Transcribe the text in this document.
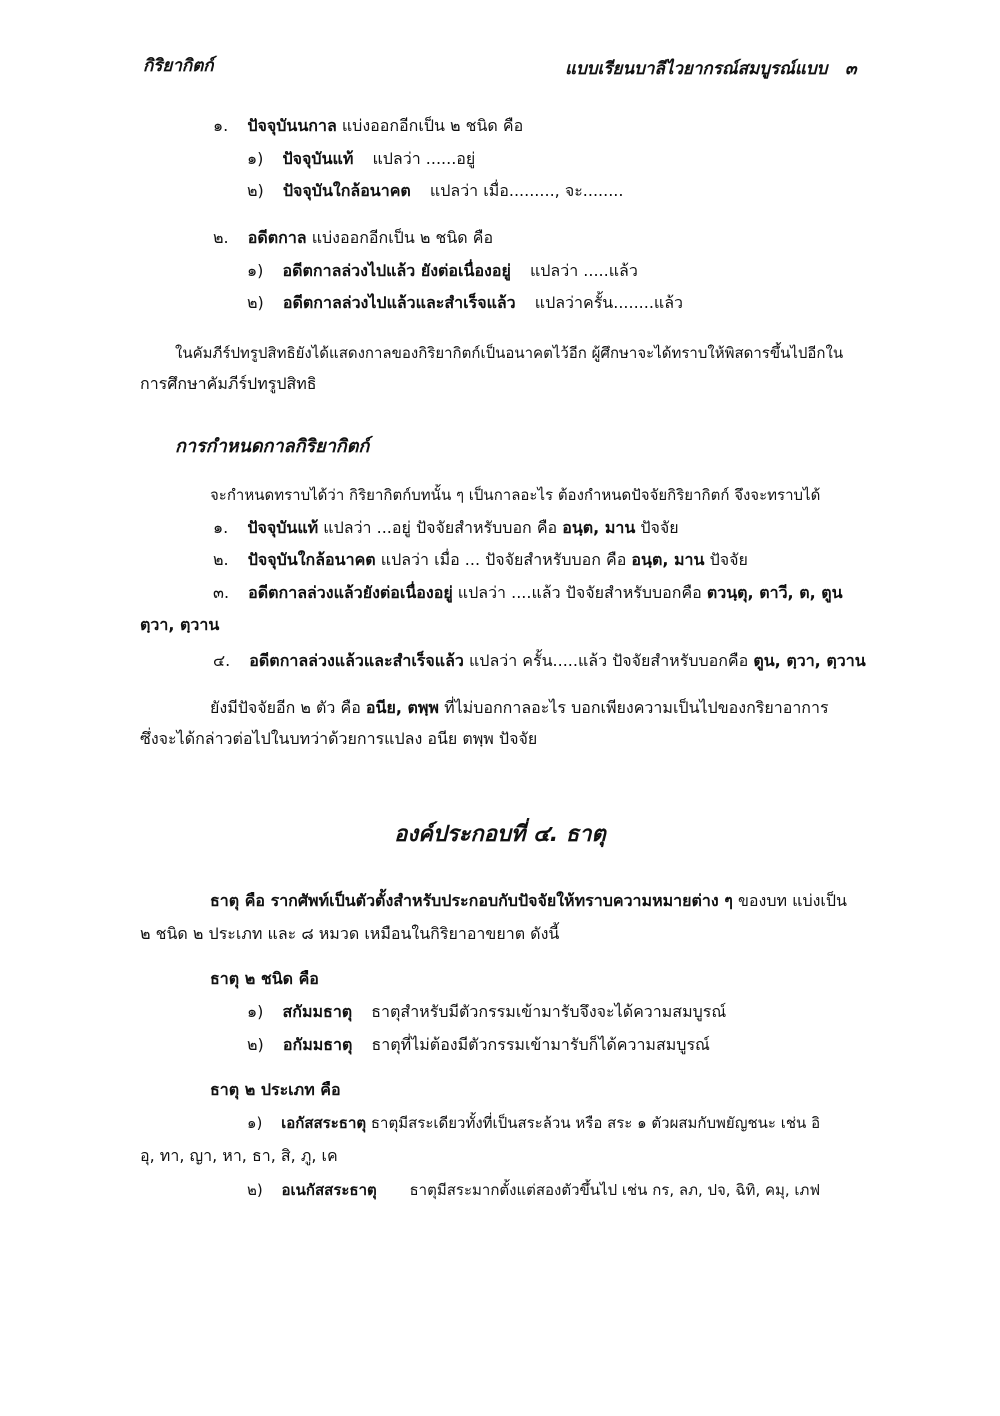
กิริยากิตก์	แบบเรียนบาลีไวยากรณ์สมบูรณ์แบบ ๓
๑. ปัจจุบันนกาล แบ่งออกอีกเป็น ๒ ชนิด คือ
๑) ปัจจุบันแท้ แปลว่า ......อยู่
๒) ปัจจุบันใกล้อนาคต แปลว่า เมื่อ........., จะ........
๒. อดีตกาล แบ่งออกอีกเป็น ๒ ชนิด คือ
๑) อดีตกาลล่วงไปแล้ว ยังต่อเนื่องอยู่ แปลว่า .....แล้ว
๒) อดีตกาลล่วงไปแล้วและสำเร็จแล้ว แปลว่าครั้น........แล้ว
ในคัมภีร์ปทรูปสิทธิยังได้แสดงกาลของกิริยากิตก์เป็นอนาคตไว้อีก ผู้ศึกษาจะได้ทราบให้พิสดารขึ้นไปอีกใน
การศึกษาคัมภีร์ปทรูปสิทธิ
การกำหนดกาลกิริยากิตก์
จะกำหนดทราบได้ว่า กิริยากิตก์บทนั้น ๆ เป็นกาลอะไร ต้องกำหนดปัจจัยกิริยากิตก์ จึงจะทราบได้
๑. ปัจจุบันแท้ แปลว่า ...อยู่ ปัจจัยสำหรับบอก คือ อนฺต, มาน ปัจจัย
๒. ปัจจุบันใกล้อนาคต แปลว่า เมื่อ ... ปัจจัยสำหรับบอก คือ อนฺต, มาน ปัจจัย
๓. อดีตกาลล่วงแล้วยังต่อเนื่องอยู่ แปลว่า ....แล้ว ปัจจัยสำหรับบอกคือ ตวนฺตุ, ตาวี, ต, ตูน
ตฺวา, ตฺวาน
๔. อดีตกาลล่วงแล้วและสำเร็จแล้ว แปลว่า ครั้น.....แล้ว ปัจจัยสำหรับบอกคือ ตูน, ตฺวา, ตฺวาน
ยังมีปัจจัยอีก ๒ ตัว คือ อนีย, ตพฺพ ที่ไม่บอกกาลอะไร บอกเพียงความเป็นไปของกริยาอาการ
ซึ่งจะได้กล่าวต่อไปในบทว่าด้วยการแปลง อนีย ตพฺพ ปัจจัย
องค์ประกอบที่ ๔. ธาตุ
ธาตุ คือ รากศัพท์เป็นตัวตั้งสำหรับประกอบกับปัจจัยให้ทราบความหมายต่าง ๆ ของบท แบ่งเป็น
๒ ชนิด ๒ ประเภท และ ๘ หมวด เหมือนในกิริยาอาขยาต ดังนี้
ธาตุ ๒ ชนิด คือ
๑) สกัมมธาตุ ธาตุสำหรับมีตัวกรรมเข้ามารับจึงจะได้ความสมบูรณ์
๒) อกัมมธาตุ ธาตุที่ไม่ต้องมีตัวกรรมเข้ามารับก็ได้ความสมบูรณ์
ธาตุ ๒ ประเภท คือ
๑) เอกัสสระธาตุ ธาตุมีสระเดียวทั้งที่เป็นสระล้วน หรือ สระ ๑ ตัวผสมกับพยัญชนะ เช่น อิ
อุ, ทา, ญา, หา, ธา, สิ, ภู, เค
๒) อเนกัสสระธาตุ ธาตุมีสระมากตั้งแต่สองตัวขึ้นไป เช่น กร, ลภ, ปจ, ฉิทิ, คมุ, เภฟ
